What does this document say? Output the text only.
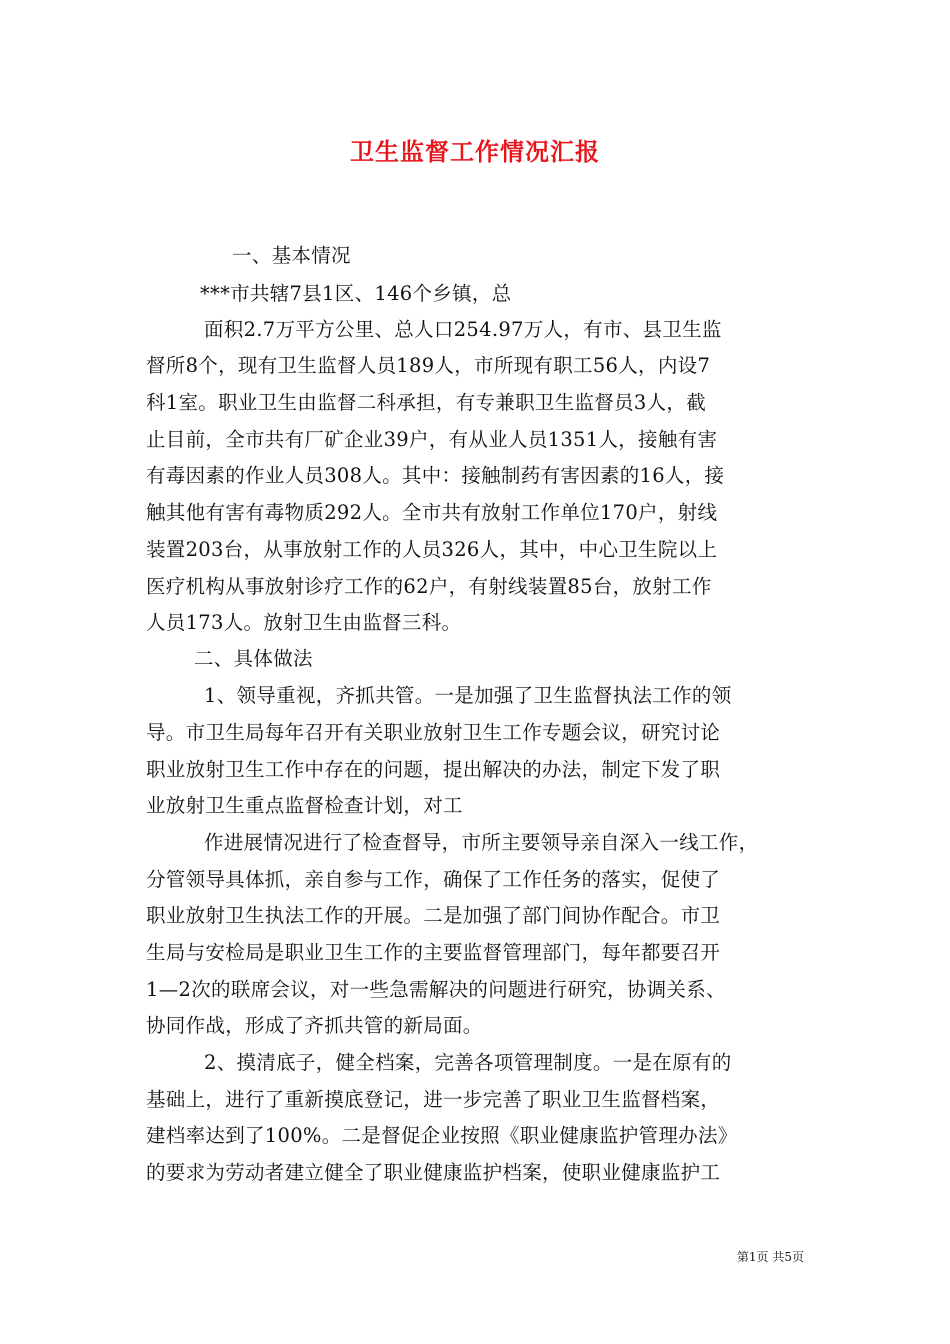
卫生监督工作情况汇报
一、基本情况
***市共辖7县1区、146个乡镇，总
面积2.7万平方公里、总人口254.97万人，有市、县卫生监
督所8个，现有卫生监督人员189人，市所现有职工56人，内设7
科1室。职业卫生由监督二科承担，有专兼职卫生监督员3人，截
止目前，全市共有厂矿企业39户，有从业人员1351人，接触有害
有毒因素的作业人员308人。其中：接触制药有害因素的16人，接
触其他有害有毒物质292人。全市共有放射工作单位170户，射线
装置203台，从事放射工作的人员326人，其中，中心卫生院以上
医疗机构从事放射诊疗工作的62户，有射线装置85台，放射工作
人员173人。放射卫生由监督三科。
二、具体做法
1、领导重视，齐抓共管。一是加强了卫生监督执法工作的领
导。市卫生局每年召开有关职业放射卫生工作专题会议，研究讨论
职业放射卫生工作中存在的问题，提出解决的办法，制定下发了职
业放射卫生重点监督检查计划，对工
作进展情况进行了检查督导，市所主要领导亲自深入一线工作，
分管领导具体抓，亲自参与工作，确保了工作任务的落实，促使了
职业放射卫生执法工作的开展。二是加强了部门间协作配合。市卫
生局与安检局是职业卫生工作的主要监督管理部门，每年都要召开
1—2次的联席会议，对一些急需解决的问题进行研究，协调关系、
协同作战，形成了齐抓共管的新局面。
2、摸清底子，健全档案，完善各项管理制度。一是在原有的
基础上，进行了重新摸底登记，进一步完善了职业卫生监督档案，
建档率达到了100%。二是督促企业按照《职业健康监护管理办法》
的要求为劳动者建立健全了职业健康监护档案，使职业健康监护工
第1页 共5页
